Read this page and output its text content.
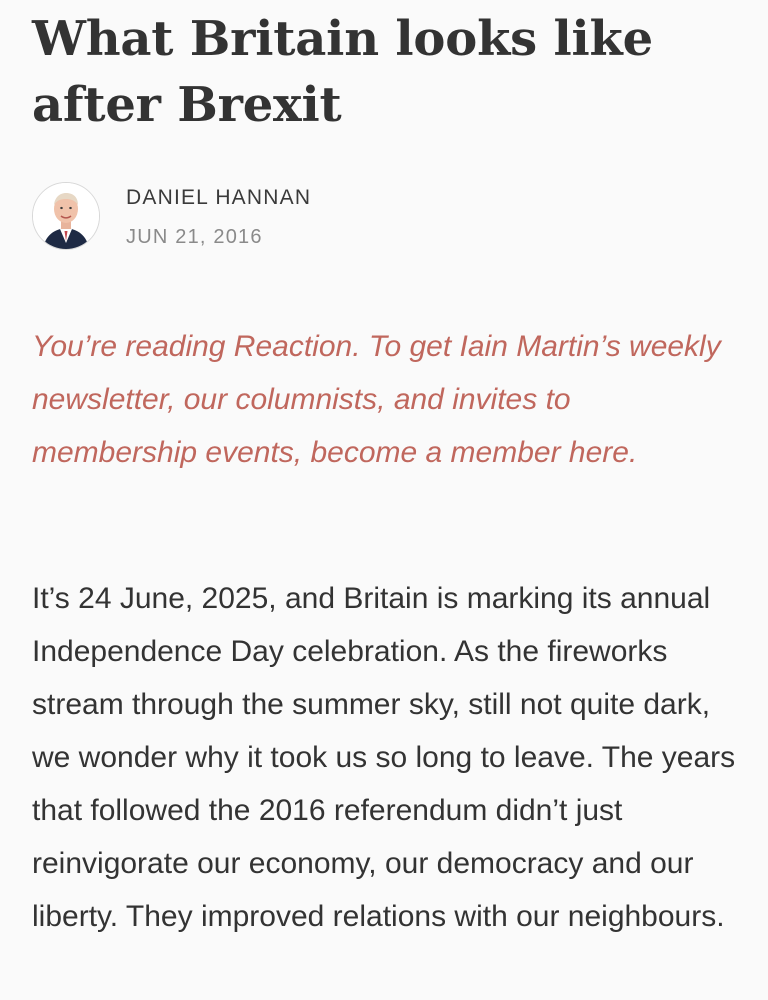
What Britain looks like after Brexit
DANIEL HANNAN
JUN 21, 2016

You’re reading Reaction. To get Iain Martin’s weekly newsletter, our columnists, and invites to membership events, become a member here.

It’s 24 June, 2025, and Britain is marking its annual Independence Day celebration. As the fireworks stream through the summer sky, still not quite dark, we wonder why it took us so long to leave. The years that followed the 2016 referendum didn’t just reinvigorate our economy, our democracy and our liberty. They improved relations with our neighbours.
